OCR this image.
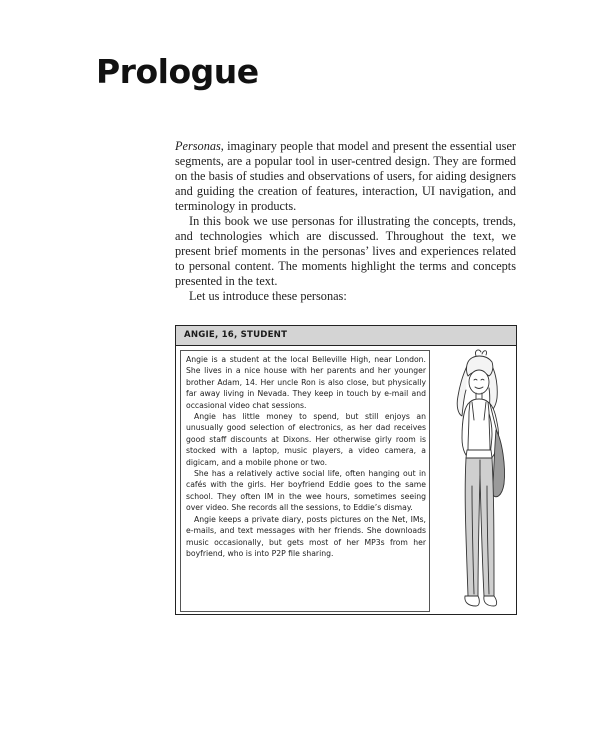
Prologue

Personas, imaginary people that model and present the essential user segments, are a popular tool in user-centred design. They are formed on the basis of studies and observations of users, for aiding designers and guiding the creation of features, interaction, UI navigation, and terminology in products.

In this book we use personas for illustrating the concepts, trends, and technologies which are discussed. Throughout the text, we present brief moments in the personas’ lives and experiences related to personal content. The moments highlight the terms and concepts presented in the text.

Let us introduce these personas:

ANGIE, 16, STUDENT

Angie is a student at the local Belleville High, near London. She lives in a nice house with her parents and her younger brother Adam, 14. Her uncle Ron is also close, but physically far away living in Nevada. They keep in touch by e-mail and occasional video chat sessions.

Angie has little money to spend, but still enjoys an unusually good selection of electronics, as her dad receives good staff discounts at Dixons. Her otherwise girly room is stocked with a laptop, music players, a video camera, a digicam, and a mobile phone or two.

She has a relatively active social life, often hanging out in cafés with the girls. Her boyfriend Eddie goes to the same school. They often IM in the wee hours, sometimes seeing over video. She records all the sessions, to Eddie’s dismay.

Angie keeps a private diary, posts pictures on the Net, IMs, e-mails, and text messages with her friends. She downloads music occasionally, but gets most of her MP3s from her boyfriend, who is into P2P file sharing.
